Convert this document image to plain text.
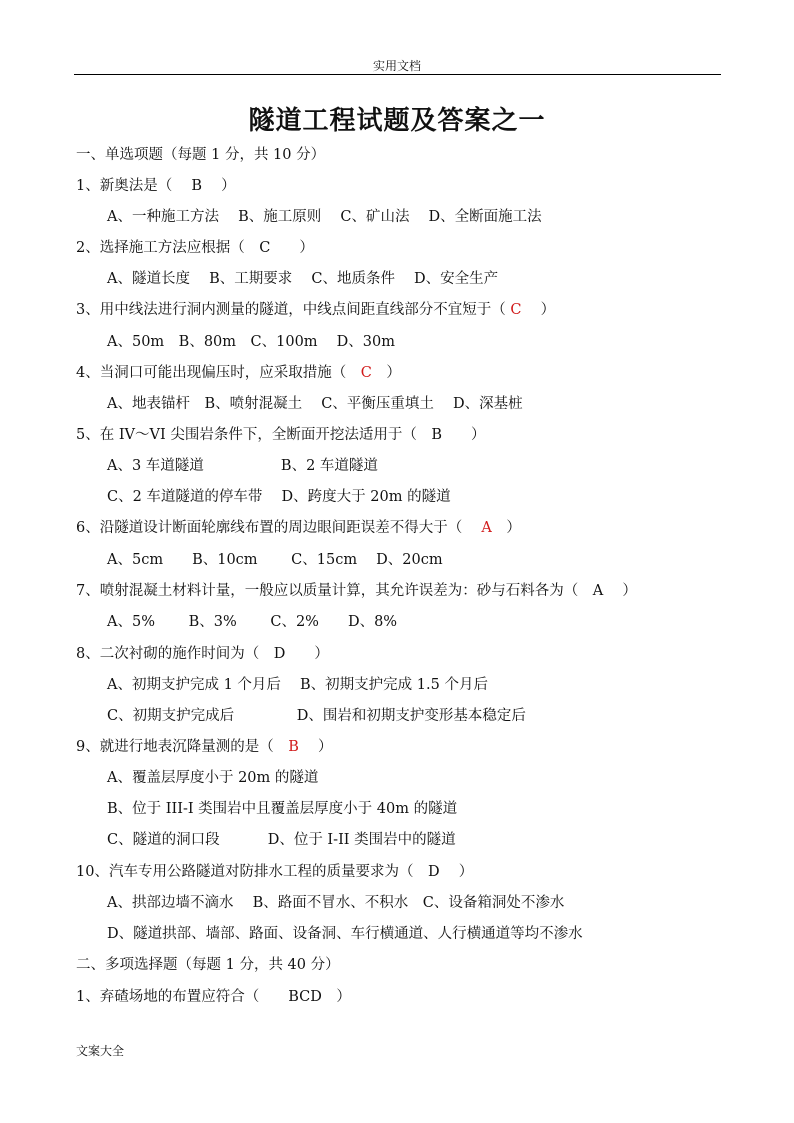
实用文档
隧道工程试题及答案之一
一、单选项题（每题 1 分，共 10 分）
1、新奥法是（　 B　 ）
A、一种施工方法　 B、施工原则　 C、矿山法　 D、全断面施工法
2、选择施工方法应根据（　 C　　 ）
A、隧道长度　 B、工期要求　 C、地质条件　 D、安全生产
3、用中线法进行洞内测量的隧道，中线点间距直线部分不宜短于（ C　 ）
A、50m　B、80m　C、100m　 D、30m
4、当洞口可能出现偏压时，应采取措施（　 C　 ）
A、地表锚杆　B、喷射混凝土　 C、平衡压重填土　 D、深基桩
5、在 IV～VI 尖围岩条件下，全断面开挖法适用于（　 B　　 ）
A、3 车道隧道　　　　　 B、2 车道隧道
C、2 车道隧道的停车带　 D、跨度大于 20m 的隧道
6、沿隧道设计断面轮廓线布置的周边眼间距误差不得大于（　 A　 ）
A、5cm　　B、10cm　　 C、15cm　 D、20cm
7、喷射混凝土材料计量，一般应以质量计算，其允许误差为：砂与石料各为（　 A　 ）
A、5%　　 B、3%　　 C、2%　　D、8%
8、二次衬砌的施作时间为（　 D　　 ）
A、初期支护完成 1 个月后　 B、初期支护完成 1.5 个月后
C、初期支护完成后　　　　 D、围岩和初期支护变形基本稳定后
9、就进行地表沉降量测的是（　 B　 ）
A、覆盖层厚度小于 20m 的隧道
B、位于 III-I 类围岩中且覆盖层厚度小于 40m 的隧道
C、隧道的洞口段　　　 D、位于 I-II 类围岩中的隧道
10、汽车专用公路隧道对防排水工程的质量要求为（　 D　 ）
A、拱部边墙不滴水　 B、路面不冒水、不积水　C、设备箱洞处不渗水
D、隧道拱部、墙部、路面、设备洞、车行横通道、人行横通道等均不渗水
二、多项选择题（每题 1 分，共 40 分）
1、弃碴场地的布置应符合（　　 BCD　 ）
文案大全
